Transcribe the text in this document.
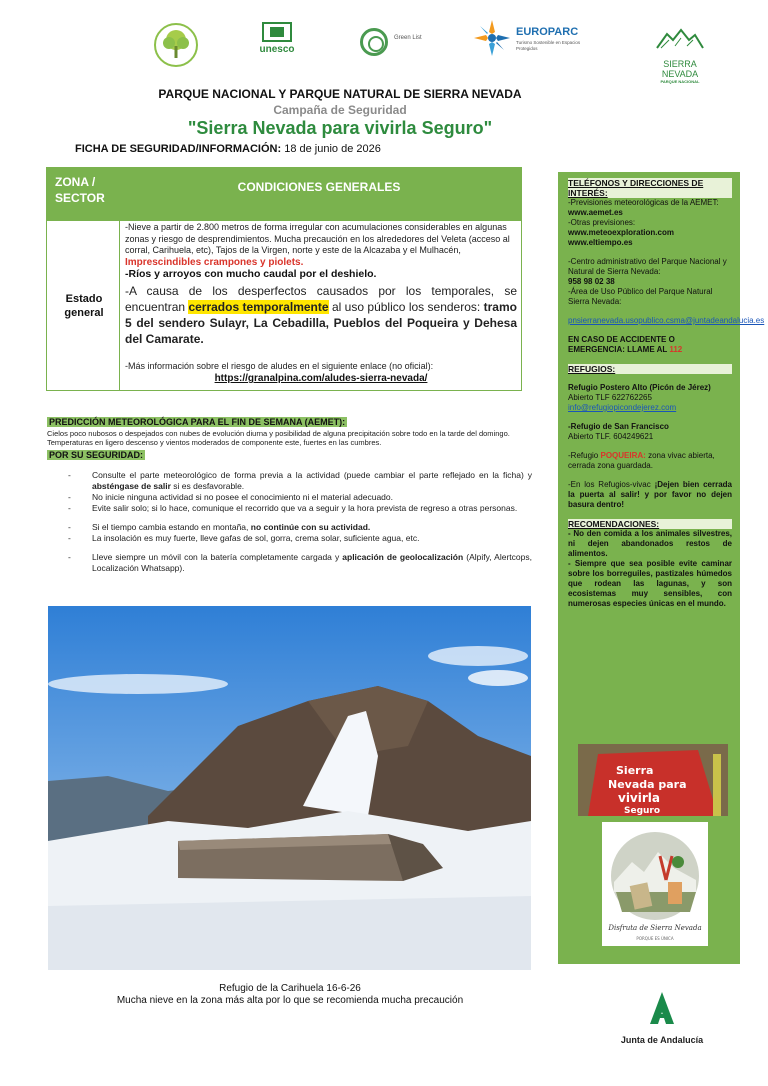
unesco
Green List	EUROPARC
Turismo Sostenible en Espacios Protegidos
SIERRA NEVADA
PARQUE NACIONAL
PARQUE NACIONAL Y PARQUE NATURAL DE SIERRA NEVADA
Campaña de Seguridad
"Sierra Nevada para vivirla Seguro"
FICHA DE SEGURIDAD/INFORMACIÓN: 18 de junio de 2026
ZONA / SECTOR
CONDICIONES GENERALES
Estado general
-Nieve a partir de 2.800 metros de forma irregular con acumulaciones considerables en algunas zonas y riesgo de desprendimientos. Mucha precaución en los alrededores del Veleta (acceso al corral, Carihuela, etc), Tajos de la Virgen, norte y este de la Alcazaba y el Mulhacén, Imprescindibles crampones y piolets.
-Ríos y arroyos con mucho caudal por el deshielo.
-A causa de los desperfectos causados por los temporales, se encuentran cerrados temporalmente al uso público los senderos: tramo 5 del sendero Sulayr, La Cebadilla, Pueblos del Poqueira y Dehesa del Camarate.
-Más información sobre el riesgo de aludes en el siguiente enlace (no oficial):
https://granalpina.com/aludes-sierra-nevada/
PREDICCIÓN METEOROLÓGICA PARA EL FIN DE SEMANA (AEMET):
Cielos poco nubosos o despejados con nubes de evolución diurna y posibilidad de alguna precipitación sobre todo en la tarde del domingo. Temperaturas en ligero descenso y vientos moderados de componente este, fuertes en las cumbres.
POR SU SEGURIDAD:
- Consulte el parte meteorológico de forma previa a la actividad (puede cambiar el parte reflejado en la ficha) y absténgase de salir si es desfavorable.
- No inicie ninguna actividad si no posee el conocimiento ni el material adecuado.
- Evite salir solo; si lo hace, comunique el recorrido que va a seguir y la hora prevista de regreso a otras personas.
- Si el tiempo cambia estando en montaña, no continúe con su actividad.
- La insolación es muy fuerte, lleve gafas de sol, gorra, crema solar, suficiente agua, etc.
- Lleve siempre un móvil con la batería completamente cargada y aplicación de geolocalización (Alpify, Alertcops, Localización Whatsapp).
Refugio de la Carihuela 16-6-26
Mucha nieve en la zona más alta por lo que se recomienda mucha precaución
TELÉFONOS Y DIRECCIONES DE INTERÉS:
-Previsiones meteorológicas de la AEMET:
www.aemet.es
-Otras previsiones:
www.meteoexploration.com
www.eltiempo.es
-Centro administrativo del Parque Nacional y Natural de Sierra Nevada:
958 98 02 38
-Área de Uso Público del Parque Natural Sierra Nevada:
pnsierranevada.usopublico.csma@juntadeandalucia.es
EN CASO DE ACCIDENTE O EMERGENCIA: LLAME AL 112
REFUGIOS:
Refugio Postero Alto (Picón de Jérez)
Abierto TLF 622762265
info@refugiopicondejerez.com
-Refugio de San Francisco
Abierto TLF. 604249621
-Refugio POQUEIRA: zona vivac abierta, cerrada zona guardada.
-En los Refugios-vivac ¡Dejen bien cerrada la puerta al salir! y por favor no dejen basura dentro!
RECOMENDACIONES:
- No den comida a los animales silvestres, ni dejen abandonados restos de alimentos.
- Siempre que sea posible evite caminar sobre los borreguiles, pastizales húmedos que rodean las lagunas, y son ecosistemas muy sensibles, con numerosas especies únicas en el mundo.
Sierra
Nevada para
vivirla
Seguro
Disfruta de Sierra Nevada
PORQUE ES ÚNICA
Junta de Andalucía
